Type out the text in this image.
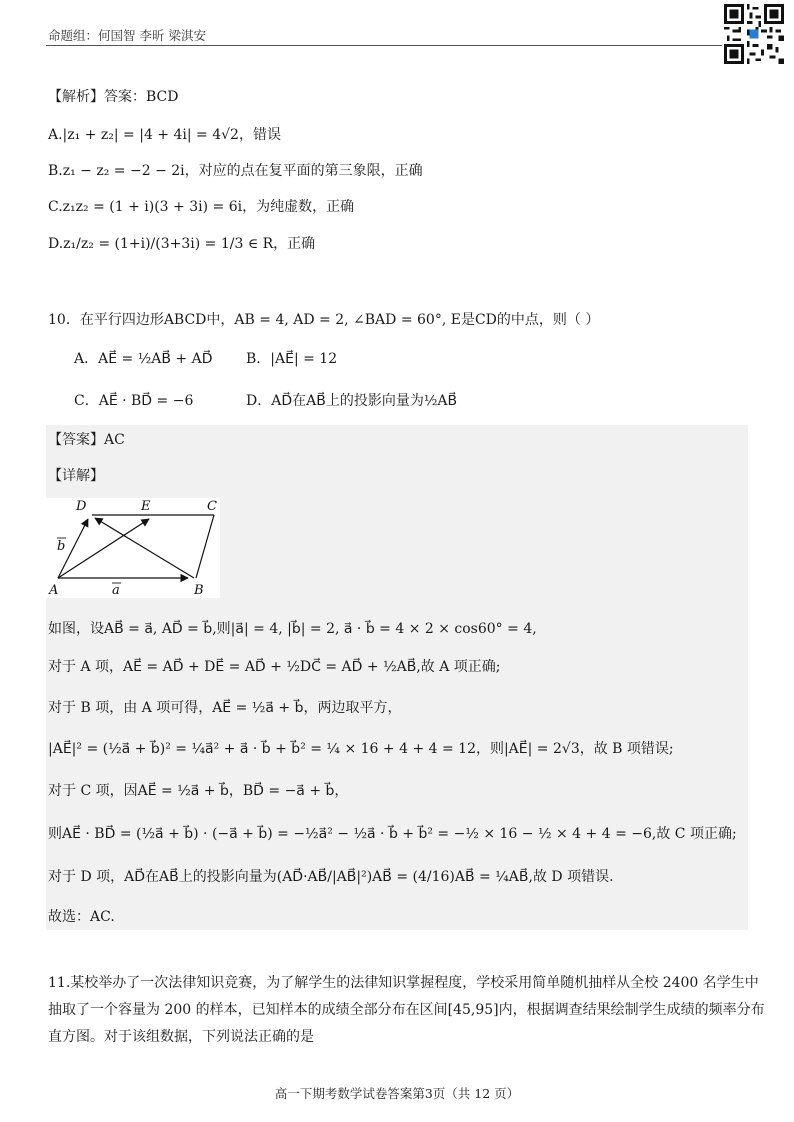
命题组：何国智 李昕 梁淇安
【解析】答案：BCD
A.|z₁ + z₂| = |4 + 4i| = 4√2，错误
B.z₁ − z₂ = −2 − 2i，对应的点在复平面的第三象限，正确
C.z₁z₂ = (1 + i)(3 + 3i) = 6i，为纯虚数，正确
D.z₁/z₂ = (1+i)/(3+3i) = 1/3 ∈ R，正确
10．在平行四边形ABCD中，AB = 4, AD = 2, ∠BAD = 60°, E是CD的中点，则（ ）
A．AE⃗ = ½AB⃗ + AD⃗ B．|AE⃗| = 12
C．AE⃗ · BD⃗ = −6	D．AD⃗在AB⃗上的投影向量为½AB⃗
【答案】AC
【详解】
D	E	C
A	B
b
a
如图，设AB⃗ = a⃗, AD⃗ = b⃗,则|a⃗| = 4, |b⃗| = 2, a⃗ · b⃗ = 4 × 2 × cos60° = 4,
对于 A 项，AE⃗ = AD⃗ + DE⃗ = AD⃗ + ½DC⃗ = AD⃗ + ½AB⃗,故 A 项正确;
对于 B 项，由 A 项可得，AE⃗ = ½a⃗ + b⃗，两边取平方，
|AE⃗|² = (½a⃗ + b⃗)² = ¼a⃗² + a⃗ · b⃗ + b⃗² = ¼ × 16 + 4 + 4 = 12，则|AE⃗| = 2√3，故 B 项错误;
对于 C 项，因AE⃗ = ½a⃗ + b⃗，BD⃗ = −a⃗ + b⃗，
则AE⃗ · BD⃗ = (½a⃗ + b⃗) · (−a⃗ + b⃗) = −½a⃗² − ½a⃗ · b⃗ + b⃗² = −½ × 16 − ½ × 4 + 4 = −6,故 C 项正确;
对于 D 项，AD⃗在AB⃗上的投影向量为(AD⃗·AB⃗/|AB⃗|²)AB⃗ = (4/16)AB⃗ = ¼AB⃗,故 D 项错误.
故选：AC.
11.某校举办了一次法律知识竞赛，为了解学生的法律知识掌握程度，学校采用简单随机抽样从全校 2400 名学生中
抽取了一个容量为 200 的样本，已知样本的成绩全部分布在区间[45,95]内，根据调查结果绘制学生成绩的频率分布
直方图。对于该组数据，下列说法正确的是
高一下期考数学试卷答案第3页（共 12 页）
